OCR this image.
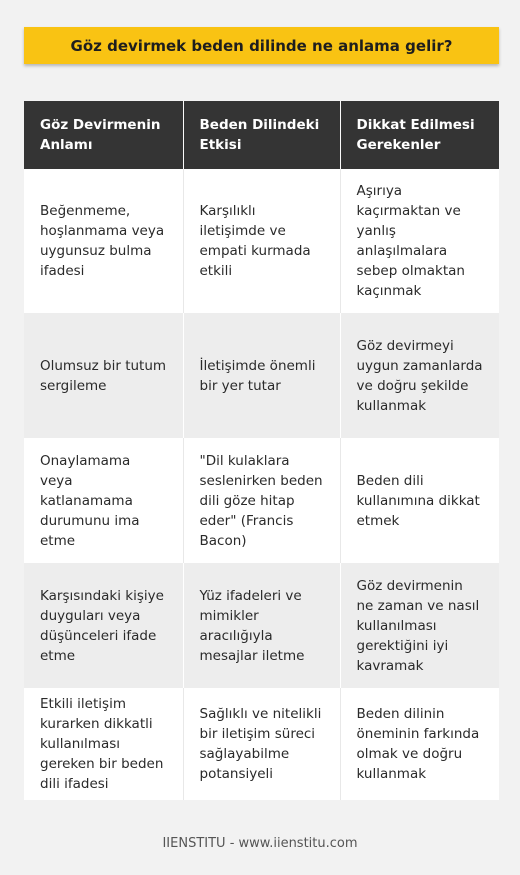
Göz devirmek beden dilinde ne anlama gelir?
Göz Devirmenin Anlamı	Beden Dilindeki Etkisi	Dikkat Edilmesi Gerekenler
Beğenmeme, hoşlanmama veya uygunsuz bulma ifadesi	Karşılıklı iletişimde ve empati kurmada etkili	Aşırıya kaçırmaktan ve yanlış anlaşılmalara sebep olmaktan kaçınmak
Olumsuz bir tutum sergileme	İletişimde önemli bir yer tutar	Göz devirmeyi uygun zamanlarda ve doğru şekilde kullanmak
Onaylamama veya katlanamama durumunu ima etme	"Dil kulaklara seslenirken beden dili göze hitap eder" (Francis Bacon)	Beden dili kullanımına dikkat etmek
Karşısındaki kişiye duyguları veya düşünceleri ifade etme	Yüz ifadeleri ve mimikler aracılığıyla mesajlar iletme	Göz devirmenin ne zaman ve nasıl kullanılması gerektiğini iyi kavramak
Etkili iletişim kurarken dikkatli kullanılması gereken bir beden dili ifadesi	Sağlıklı ve nitelikli bir iletişim süreci sağlayabilme potansiyeli	Beden dilinin öneminin farkında olmak ve doğru kullanmak
IIENSTITU - www.iienstitu.com
